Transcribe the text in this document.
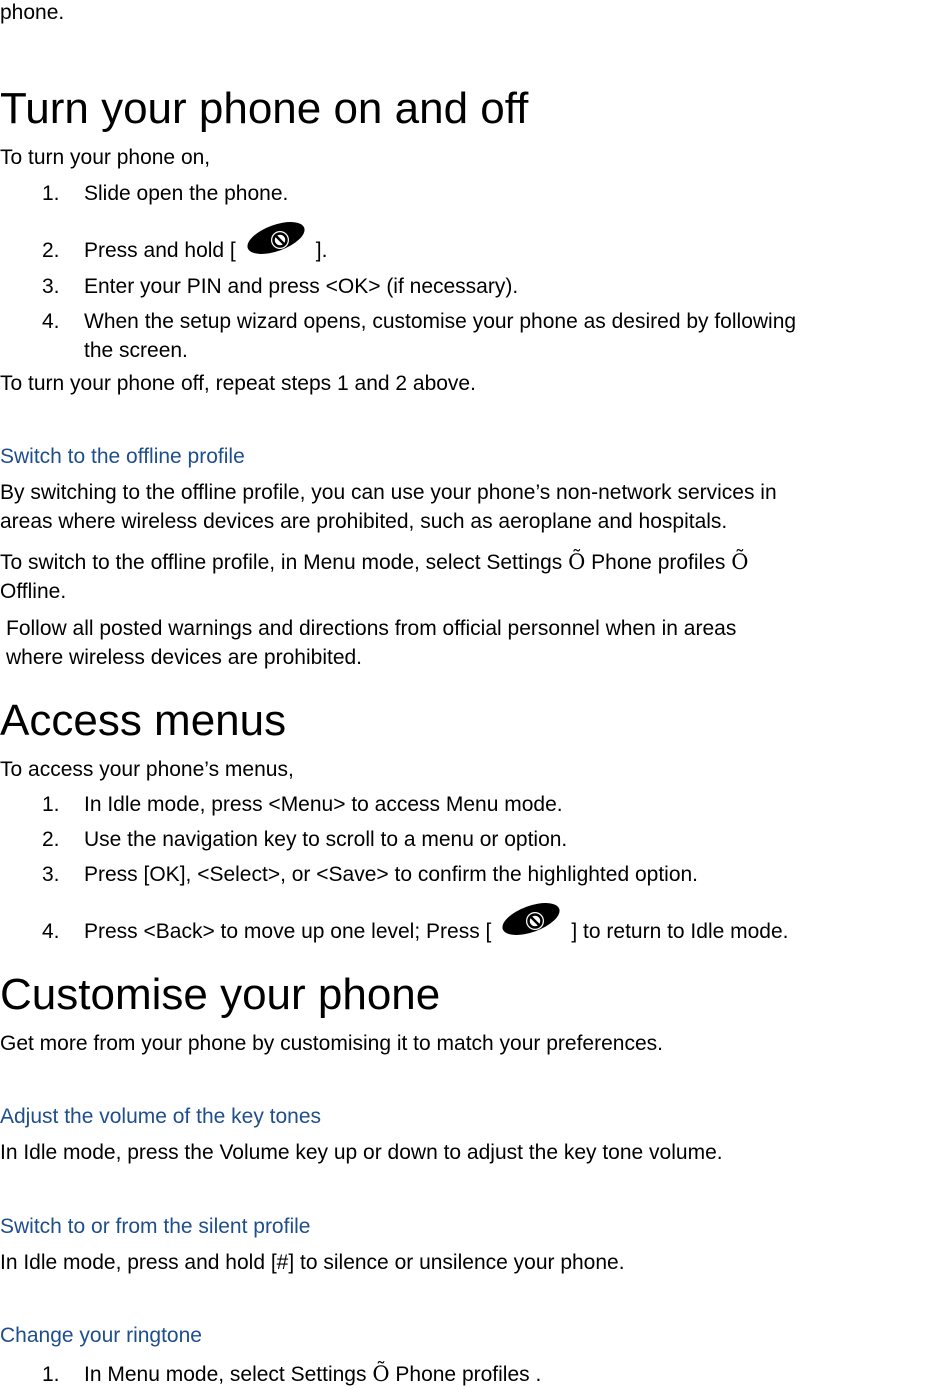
phone.

Turn your phone on and off

To turn your phone on,

1. Slide open the phone.
2. Press and hold [	].
3. Enter your PIN and press <OK> (if necessary).
4. When the setup wizard opens, customise your phone as desired by following
the screen.

To turn your phone off, repeat steps 1 and 2 above.

Switch to the offline profile

By switching to the offline profile, you can use your phone’s non-network services in

areas where wireless devices are prohibited, such as aeroplane and hospitals.

To switch to the offline profile, in Menu mode, select Settings Õ Phone profiles Õ

Offline.

Follow all posted warnings and directions from official personnel when in areas
where wireless devices are prohibited.
Access menus

To access your phone’s menus,

1. In Idle mode, press <Menu> to access Menu mode.
2. Use the navigation key to scroll to a menu or option.
3. Press [OK], <Select>, or <Save> to confirm the highlighted option.
4. Press <Back> to move up one level; Press [	] to return to Idle mode.
Customise your phone

Get more from your phone by customising it to match your preferences.

Adjust the volume of the key tones

In Idle mode, press the Volume key up or down to adjust the key tone volume.

Switch to or from the silent profile

In Idle mode, press and hold [#] to silence or unsilence your phone.

Change your ringtone
1. In Menu mode, select Settings Õ Phone profiles .
